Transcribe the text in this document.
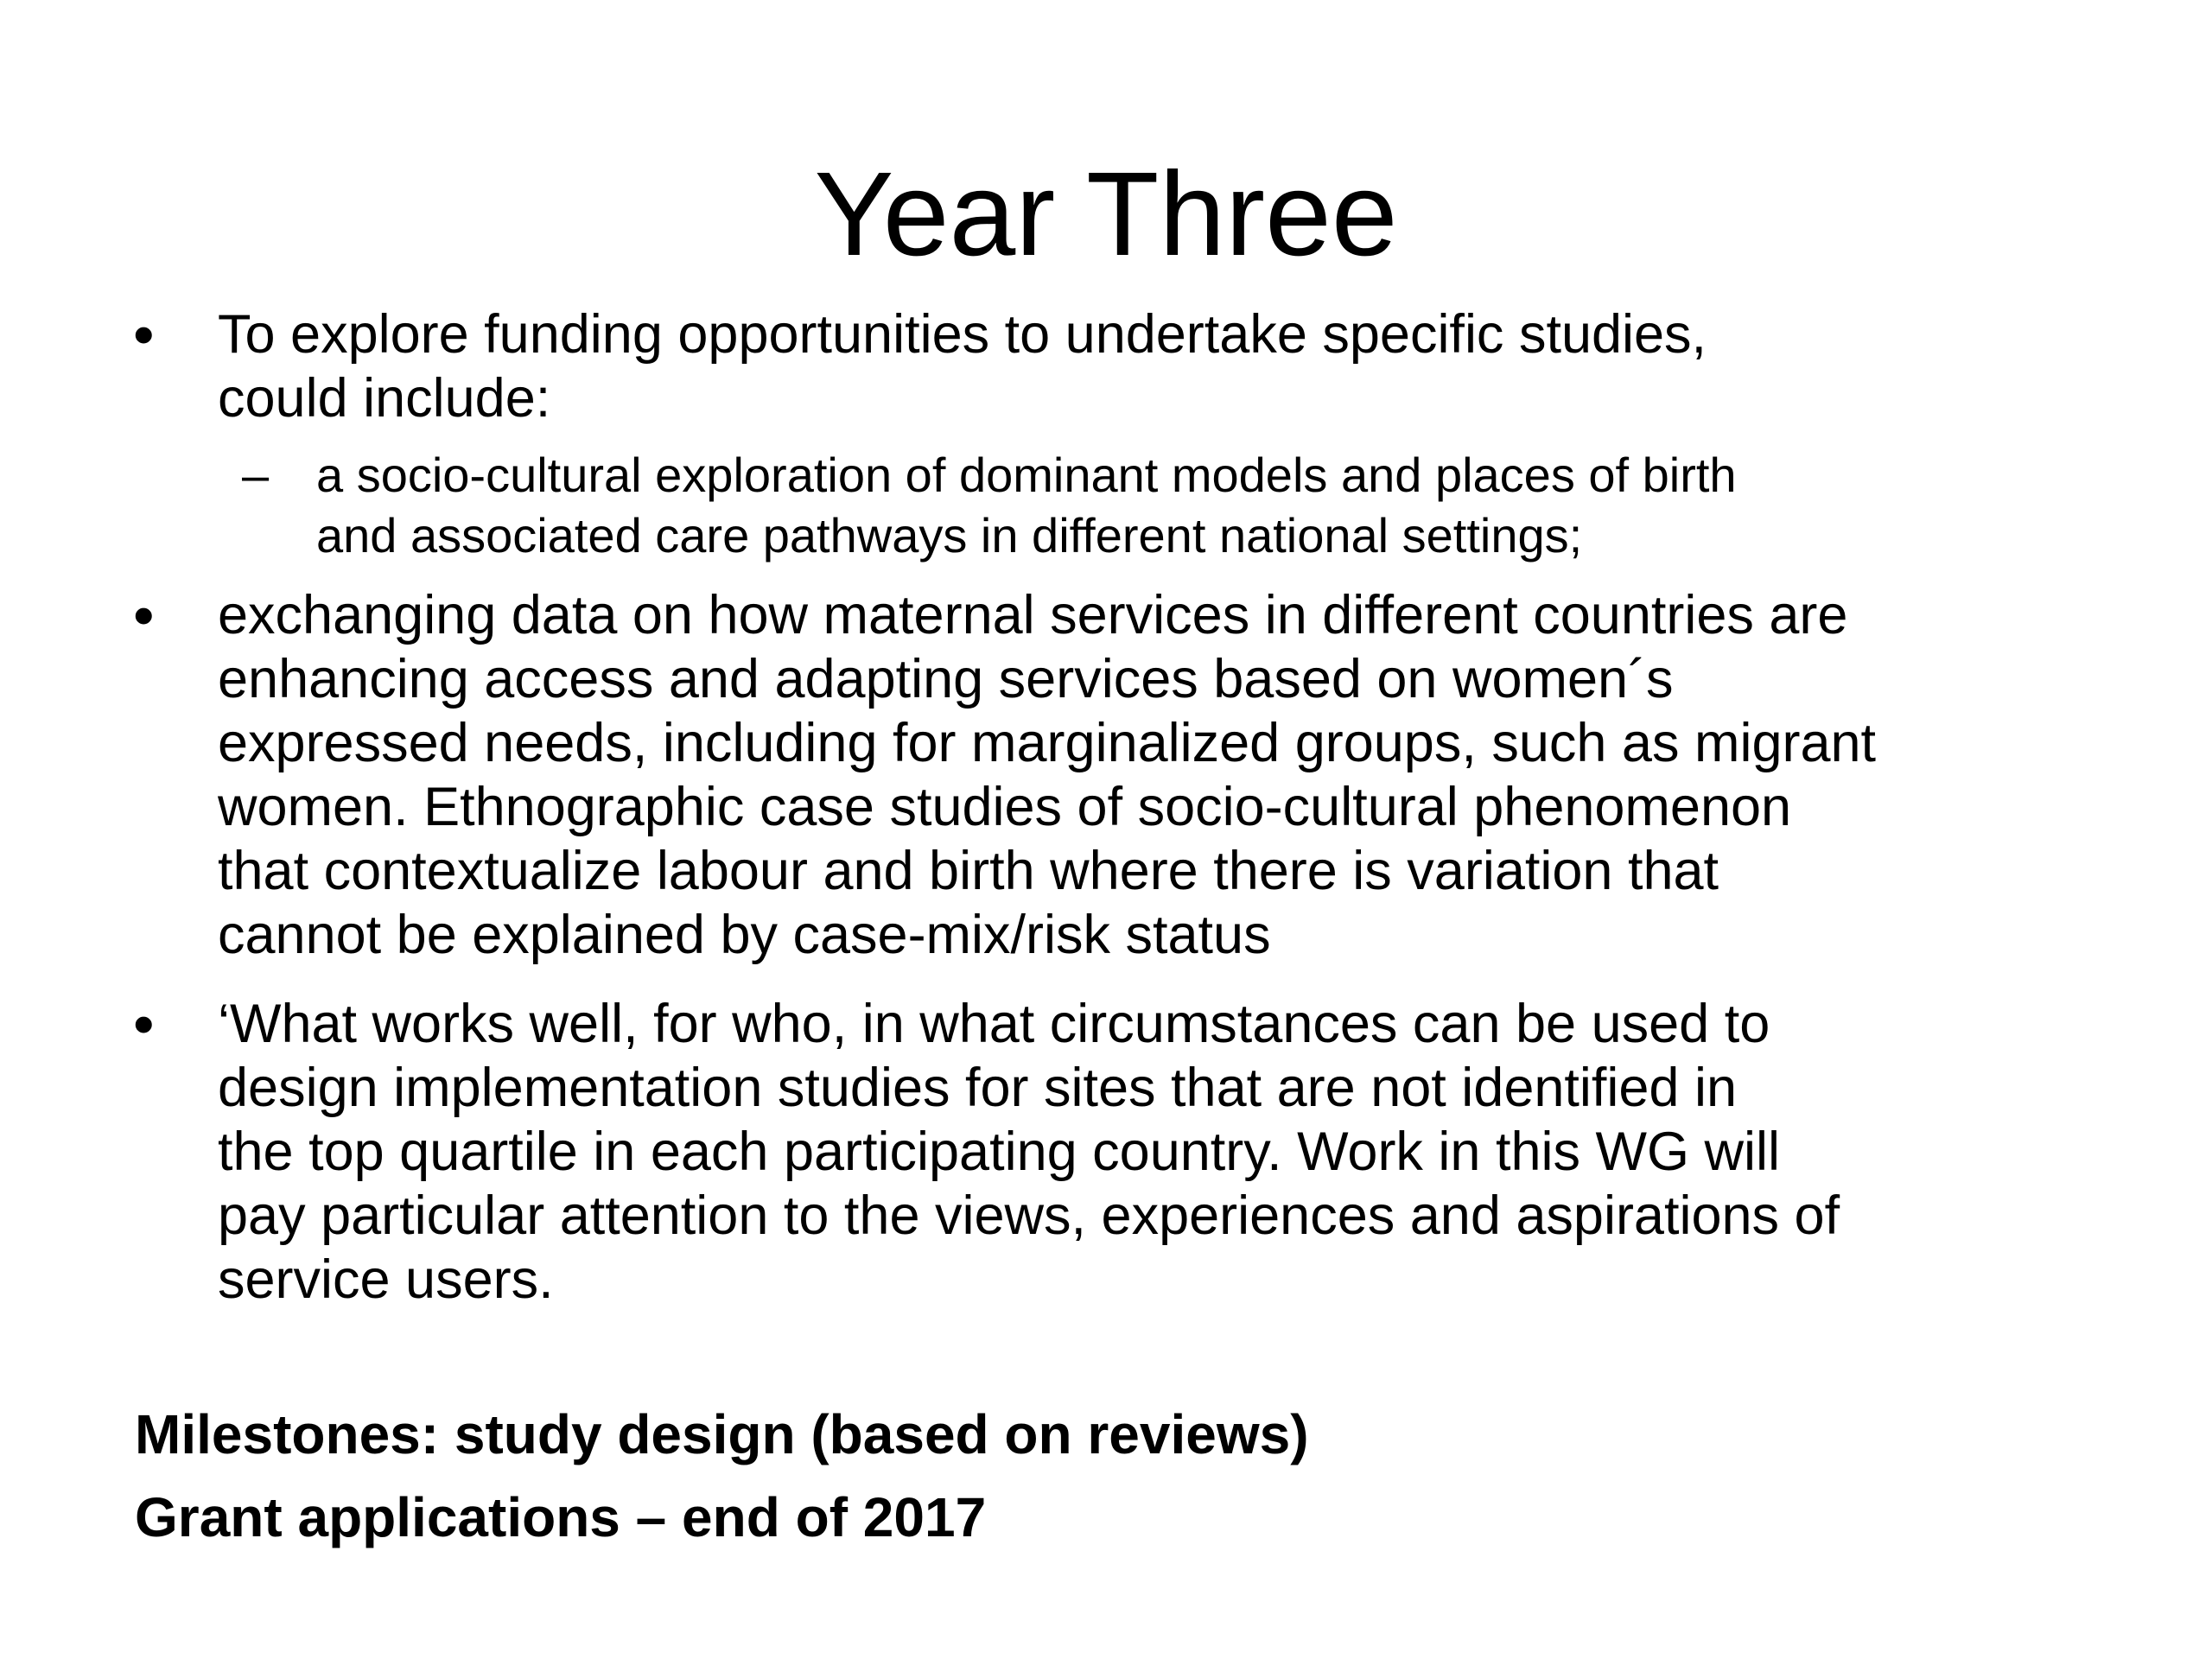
Year Three
• To explore funding opportunities to undertake specific studies,
could include:
– a socio-cultural exploration of dominant models and places of birth
and associated care pathways in different national settings;
• exchanging data on how maternal services in different countries are
enhancing access and adapting services based on women´s
expressed needs, including for marginalized groups, such as migrant
women. Ethnographic case studies of socio-cultural phenomenon
that contextualize labour and birth where there is variation that
cannot be explained by case-mix/risk status
• ‘What works well, for who, in what circumstances can be used to
design implementation studies for sites that are not identified in
the top quartile in each participating country. Work in this WG will
pay particular attention to the views, experiences and aspirations of
service users.
Milestones: study design (based on reviews)
Grant applications – end of 2017
